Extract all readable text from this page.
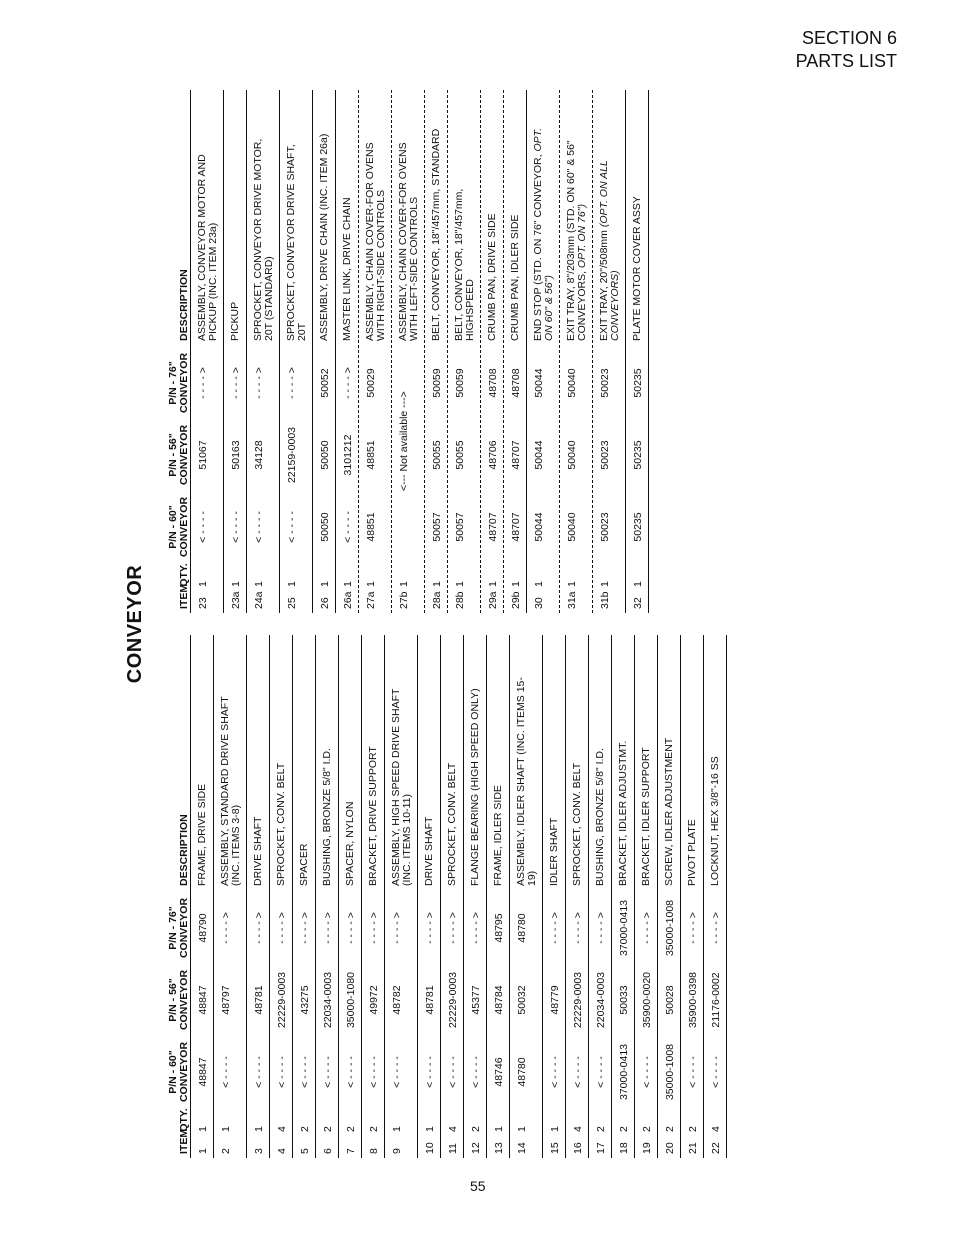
SECTION 6
PARTS LIST
CONVEYOR
ITEM
QTY.
P/N - 60" CONVEYOR
P/N - 56" CONVEYOR
P/N - 76" CONVEYOR
DESCRIPTION
1
1
48847
48847
48790
FRAME, DRIVE SIDE
2
1
< - - - -
48797
- - - - >
ASSEMBLY, STANDARD DRIVE SHAFT (INC. ITEMS 3-8)
3
1
< - - - -
48781
- - - - >
DRIVE SHAFT
4
4
< - - - -
22229-0003
- - - - >
SPROCKET, CONV. BELT
5
2
< - - - -
43275
- - - - >
SPACER
6
2
< - - - -
22034-0003
- - - - >
BUSHING, BRONZE 5/8" I.D.
7
2
< - - - -
35000-1080
- - - - >
SPACER, NYLON
8
2
< - - - -
49972
- - - - >
BRACKET, DRIVE SUPPORT
9
1
< - - - -
48782
- - - - >
ASSEMBLY, HIGH SPEED DRIVE SHAFT (INC. ITEMS 10-11)
10
1
< - - - -
48781
- - - - >
DRIVE SHAFT
11
4
< - - - -
22229-0003
- - - - >
SPROCKET, CONV. BELT
12
2
< - - - -
45377
- - - - >
FLANGE BEARING (HIGH SPEED ONLY)
13
1
48746
48784
48795
FRAME, IDLER SIDE
14
1
48780
50032
48780
ASSEMBLY, IDLER SHAFT (INC. ITEMS 15-19)
15
1
< - - - -
48779
- - - - >
IDLER SHAFT
16
4
< - - - -
22229-0003
- - - - >
SPROCKET, CONV. BELT
17
2
< - - - -
22034-0003
- - - - >
BUSHING, BRONZE 5/8" I.D.
18
2
37000-0413
50033
37000-0413
BRACKET, IDLER ADJUSTMT.
19
2
< - - - -
35900-0020
- - - - >
BRACKET, IDLER SUPPORT
20
2
35000-1008
50028
35000-1008
SCREW, IDLER ADJUSTMENT
21
2
< - - - -
35900-0398
- - - - >
PIVOT PLATE
22
4
< - - - -
21176-0002
- - - - >
LOCKNUT, HEX 3/8"-16 SS
ITEM
QTY.
P/N - 60" CONVEYOR
P/N - 56" CONVEYOR
P/N - 76" CONVEYOR
DESCRIPTION
23
1
< - - - -
51067
- - - - >
ASSEMBLY, CONVEYOR MOTOR AND PICKUP (INC. ITEM 23a)
23a
1
< - - - -
50163
- - - - >
PICKUP
24a
1
< - - - -
34128
- - - - >
SPROCKET, CONVEYOR DRIVE MOTOR, 20T (STANDARD)
25
1
< - - - -
22159-0003
- - - - >
SPROCKET, CONVEYOR DRIVE SHAFT, 20T
26
1
50050
50050
50052
ASSEMBLY, DRIVE CHAIN (INC. ITEM 26a)
26a
1
< - - - -
3101212
- - - - >
MASTER LINK, DRIVE CHAIN
27a
1
48851
48851
50029
ASSEMBLY, CHAIN COVER-FOR OVENS WITH RIGHT-SIDE CONTROLS
27b
1
<--- Not available --->
ASSEMBLY, CHAIN COVER-FOR OVENS WITH LEFT-SIDE CONTROLS
28a
1
50057
50055
50059
BELT, CONVEYOR, 18"/457mm, STANDARD
28b
1
50057
50055
50059
BELT, CONVEYOR, 18"/457mm, HIGHSPEED
29a
1
48707
48706
48708
CRUMB PAN, DRIVE SIDE
29b
1
48707
48707
48708
CRUMB PAN, IDLER SIDE
30
1
50044
50044
50044
END STOP (STD. ON 76" CONVEYOR, OPT. ON 60" & 56")
31a
1
50040
50040
50040
EXIT TRAY, 8"/203mm (STD. ON 60" & 56" CONVEYORS, OPT. ON 76")
31b
1
50023
50023
50023
EXIT TRAY, 20"/508mm (OPT. ON ALL CONVEYORS)
32
1
50235
50235
50235
PLATE MOTOR COVER ASSY
55
